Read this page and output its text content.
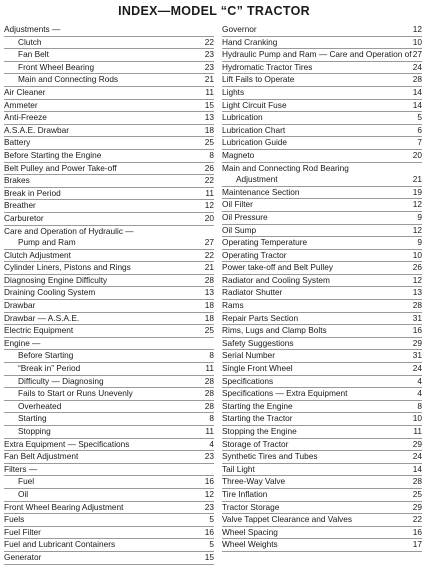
INDEX—MODEL “C” TRACTOR
Adjustments —
Clutch	22
Fan Belt	23
Front Wheel Bearing	23
Main and Connecting Rods	21
Air Cleaner	11
Ammeter	15
Anti-Freeze	13
A.S.A.E. Drawbar	18
Battery	25
Before Starting the Engine	8
Belt Pulley and Power Take-off	26
Brakes	22
Break in Period	11
Breather	12
Carburetor	20
Care and Operation of Hydraulic —
Pump and Ram	27
Clutch Adjustment	22
Cylinder Liners, Pistons and Rings	21
Diagnosing Engine Difficulty	28
Draining Cooling System	13
Drawbar	18
Drawbar — A.S.A.E.	18
Electric Equipment	25
Engine —
Before Starting	8
“Break in” Period	11
Difficulty — Diagnosing	28
Fails to Start or Runs Unevenly	28
Overheated	28
Starting	8
Stopping	11
Extra Equipment — Specifications	4
Fan Belt Adjustment	23
Filters —
Fuel	16
Oil	12
Front Wheel Bearing Adjustment	23
Fuels	5
Fuel Filter	16
Fuel and Lubricant Containers	5
Generator	15
Governor	12
Hand Cranking	10
Hydraulic Pump and Ram — Care and Operation of 27
Hydromatic Tractor Tires	24
Lift Fails to Operate	28
Lights	14
Light Circuit Fuse	14
Lubrication	5
Lubrication Chart	6
Lubrication Guide	7
Magneto	20
Main and Connecting Rod Bearing
Adjustment	21
Maintenance Section	19
Oil Filter	12
Oil Pressure	9
Oil Sump	12
Operating Temperature	9
Operating Tractor	10
Power take-off and Belt Pulley	26
Radiator and Cooling System	12
Radiator Shutter	13
Rams	28
Repair Parts Section	31
Rims, Lugs and Clamp Bolts	16
Safety Suggestions	29
Serial Number	31
Single Front Wheel	24
Specifications	4
Specifications — Extra Equipment	4
Starting the Engine	8
Starting the Tractor	10
Stopping the Engine	11
Storage of Tractor	29
Synthetic Tires and Tubes	24
Tail Light	14
Three-Way Valve	28
Tire Inflation	25
Tractor Storage	29
Valve Tappet Clearance and Valves	22
Wheel Spacing	16
Wheel Weights	17
